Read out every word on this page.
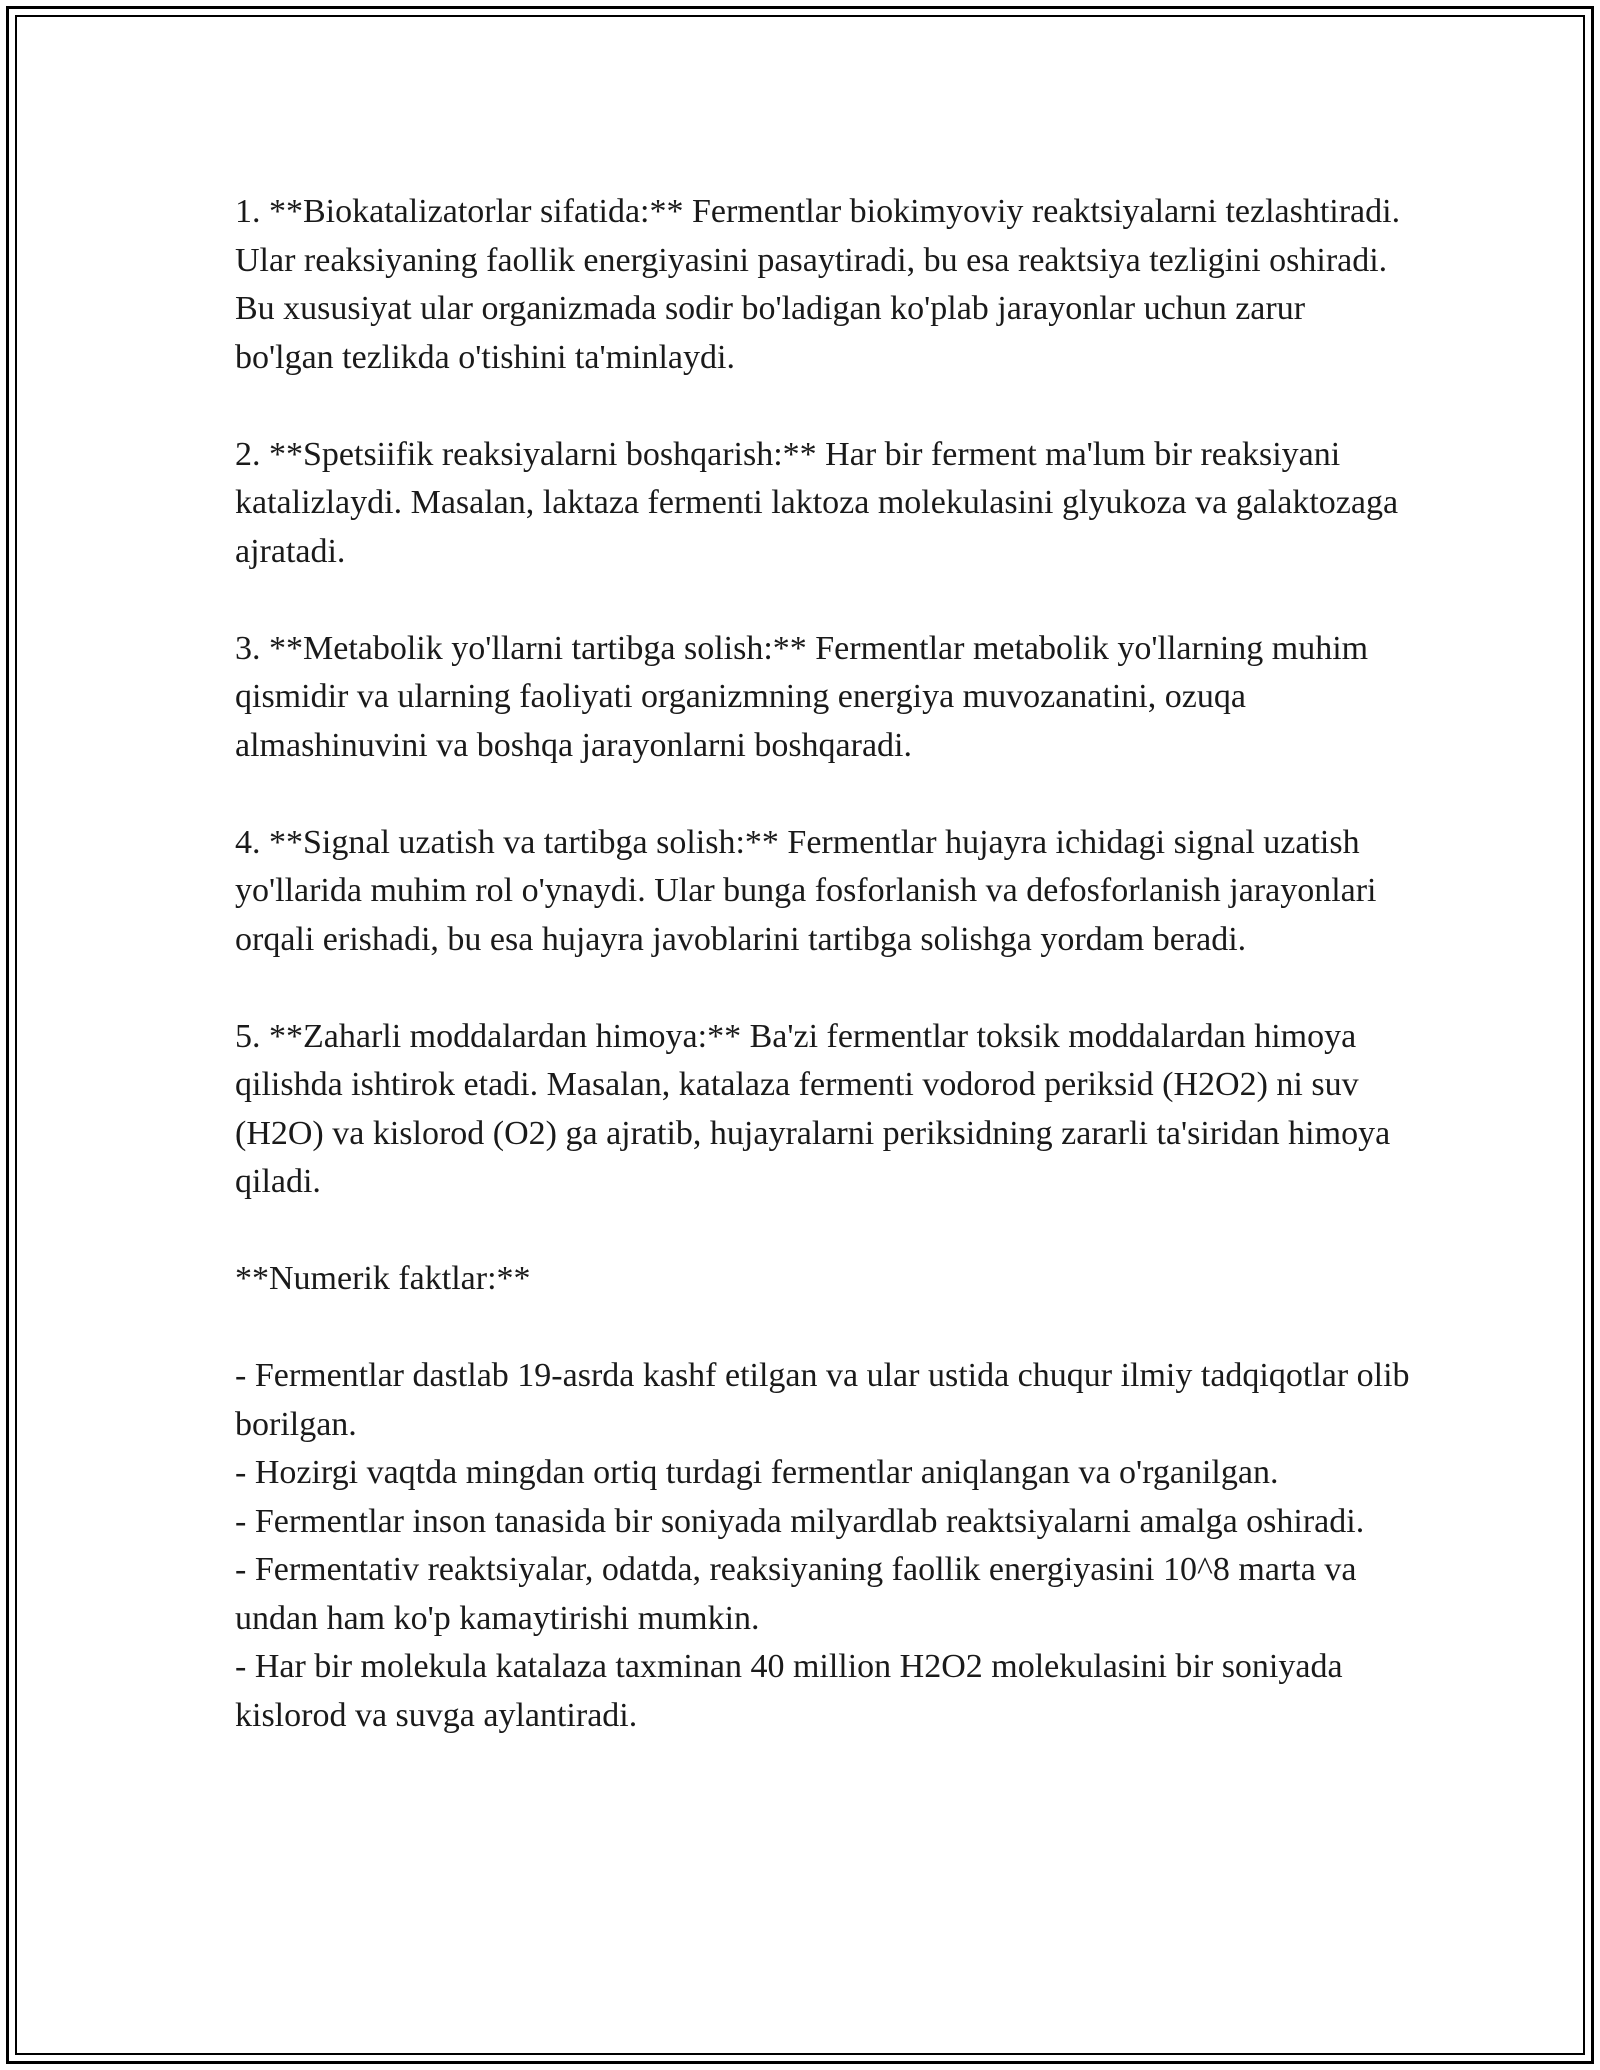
1. **Biokatalizatorlar sifatida:** Fermentlar biokimyoviy reaktsiyalarni tezlashtiradi. Ular reaksiyaning faollik energiyasini pasaytiradi, bu esa reaktsiya tezligini oshiradi. Bu xususiyat ular organizmada sodir bo'ladigan ko'plab jarayonlar uchun zarur bo'lgan tezlikda o'tishini ta'minlaydi.

2. **Spetsiifik reaksiyalarni boshqarish:** Har bir ferment ma'lum bir reaksiyani katalizlaydi. Masalan, laktaza fermenti laktoza molekulasini glyukoza va galaktozaga ajratadi.

3. **Metabolik yo'llarni tartibga solish:** Fermentlar metabolik yo'llarning muhim qismidir va ularning faoliyati organizmning energiya muvozanatini, ozuqa almashinuvini va boshqa jarayonlarni boshqaradi.

4. **Signal uzatish va tartibga solish:** Fermentlar hujayra ichidagi signal uzatish yo'llarida muhim rol o'ynaydi. Ular bunga fosforlanish va defosforlanish jarayonlari orqali erishadi, bu esa hujayra javoblarini tartibga solishga yordam beradi.

5. **Zaharli moddalardan himoya:** Ba'zi fermentlar toksik moddalardan himoya qilishda ishtirok etadi. Masalan, katalaza fermenti vodorod periksid (H2O2) ni suv (H2O) va kislorod (O2) ga ajratib, hujayralarni periksidning zararli ta'siridan himoya qiladi.

**Numerik faktlar:**

- Fermentlar dastlab 19-asrda kashf etilgan va ular ustida chuqur ilmiy tadqiqotlar olib borilgan.
- Hozirgi vaqtda mingdan ortiq turdagi fermentlar aniqlangan va o'rganilgan.
- Fermentlar inson tanasida bir soniyada milyardlab reaktsiyalarni amalga oshiradi.
- Fermentativ reaktsiyalar, odatda, reaksiyaning faollik energiyasini 10^8 marta va undan ham ko'p kamaytirishi mumkin.
- Har bir molekula katalaza taxminan 40 million H2O2 molekulasini bir soniyada kislorod va suvga aylantiradi.
